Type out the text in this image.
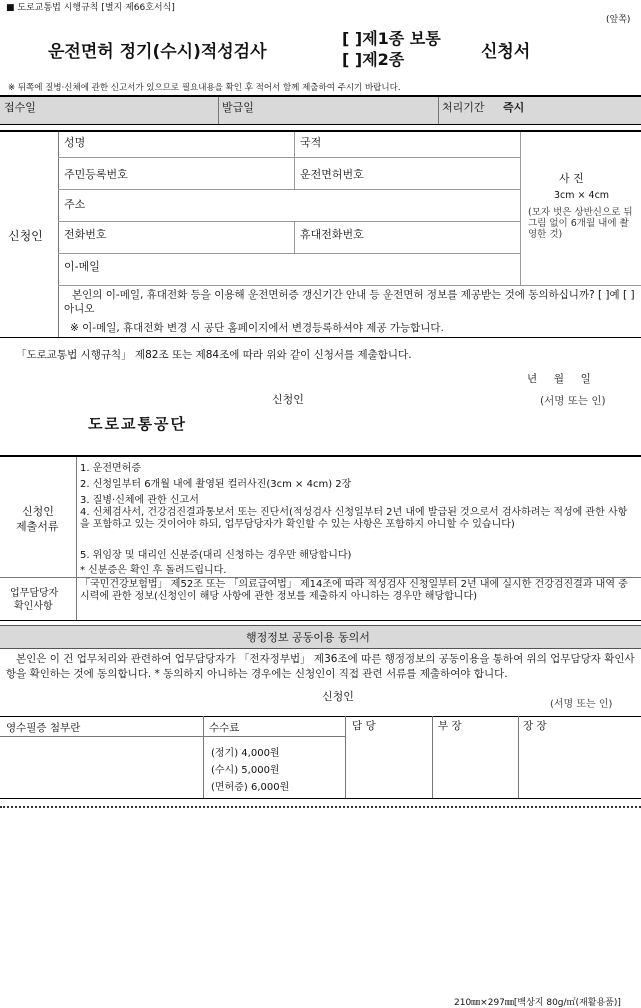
■ 도로교통법 시행규칙 [별지 제66호서식]
(앞쪽)
운전면허 정기(수시)적성검사
[ ]제1종 보통
[ ]제2종	신청서
※ 뒤쪽에 질병·신체에 관한 신고서가 있으므로 필요내용을 확인 후 적어서 함께 제출하여 주시기 바랍니다.
접수일	발급일	처리기간 즉시
신청인
성명	국적
주민등록번호	운전면허번호
주소
전화번호	휴대전화번호
이-메일
사 진
3cm × 4cm
(모자 벗은 상반신으로 뒤 그림 없이 6개월 내에 촬영한 것)
본인의 이-메일, 휴대전화 등을 이용해 운전면허증 갱신기간 안내 등 운전면허 정보를 제공받는 것에 동의하십니까? [ ]예 [ ]아니오
※ 이-메일, 휴대전화 변경 시 공단 홈페이지에서 변경등록하셔야 제공 가능합니다.
「도로교통법 시행규칙」 제82조 또는 제84조에 따라 위와 같이 신청서를 제출합니다.
년     월     일
신청인	(서명 또는 인)
도로교통공단
신청인
제출서류
1. 운전면허증
2. 신청일부터 6개월 내에 촬영된 컬러사진(3cm × 4cm) 2장
3. 질병·신체에 관한 신고서
4. 신체검사서, 건강검진결과통보서 또는 진단서(적성검사 신청일부터 2년 내에 발급된 것으로서 검사하려는 적성에 관한 사항을 포함하고 있는 것이어야 하되, 업무담당자가 확인할 수 있는 사항은 포함하지 아니할 수 있습니다)
5. 위임장 및 대리인 신분증(대리 신청하는 경우만 해당합니다)
* 신분증은 확인 후 돌려드립니다.
업무담당자
확인사항
「국민건강보험법」 제52조 또는 「의료급여법」 제14조에 따라 적성검사 신청일부터 2년 내에 실시한 건강검진결과 내역 중 시력에 관한 정보(신청인이 해당 사항에 관한 정보를 제출하지 아니하는 경우만 해당합니다)
행정정보 공동이용 동의서
본인은 이 건 업무처리와 관련하여 업무담당자가 「전자정부법」 제36조에 따른 행정정보의 공동이용을 통하여 위의 업무담당자 확인사항을 확인하는 것에 동의합니다. * 동의하지 아니하는 경우에는 신청인이 직접 관련 서류를 제출하여야 합니다.
신청인
(서명 또는 인)
영수필증 첨부란	수수료
(정기) 4,000원
(수시) 5,000원
(면허증) 6,000원
담 당	부 장	장 장
210㎜×297㎜[백상지 80g/㎡(재활용품)]
